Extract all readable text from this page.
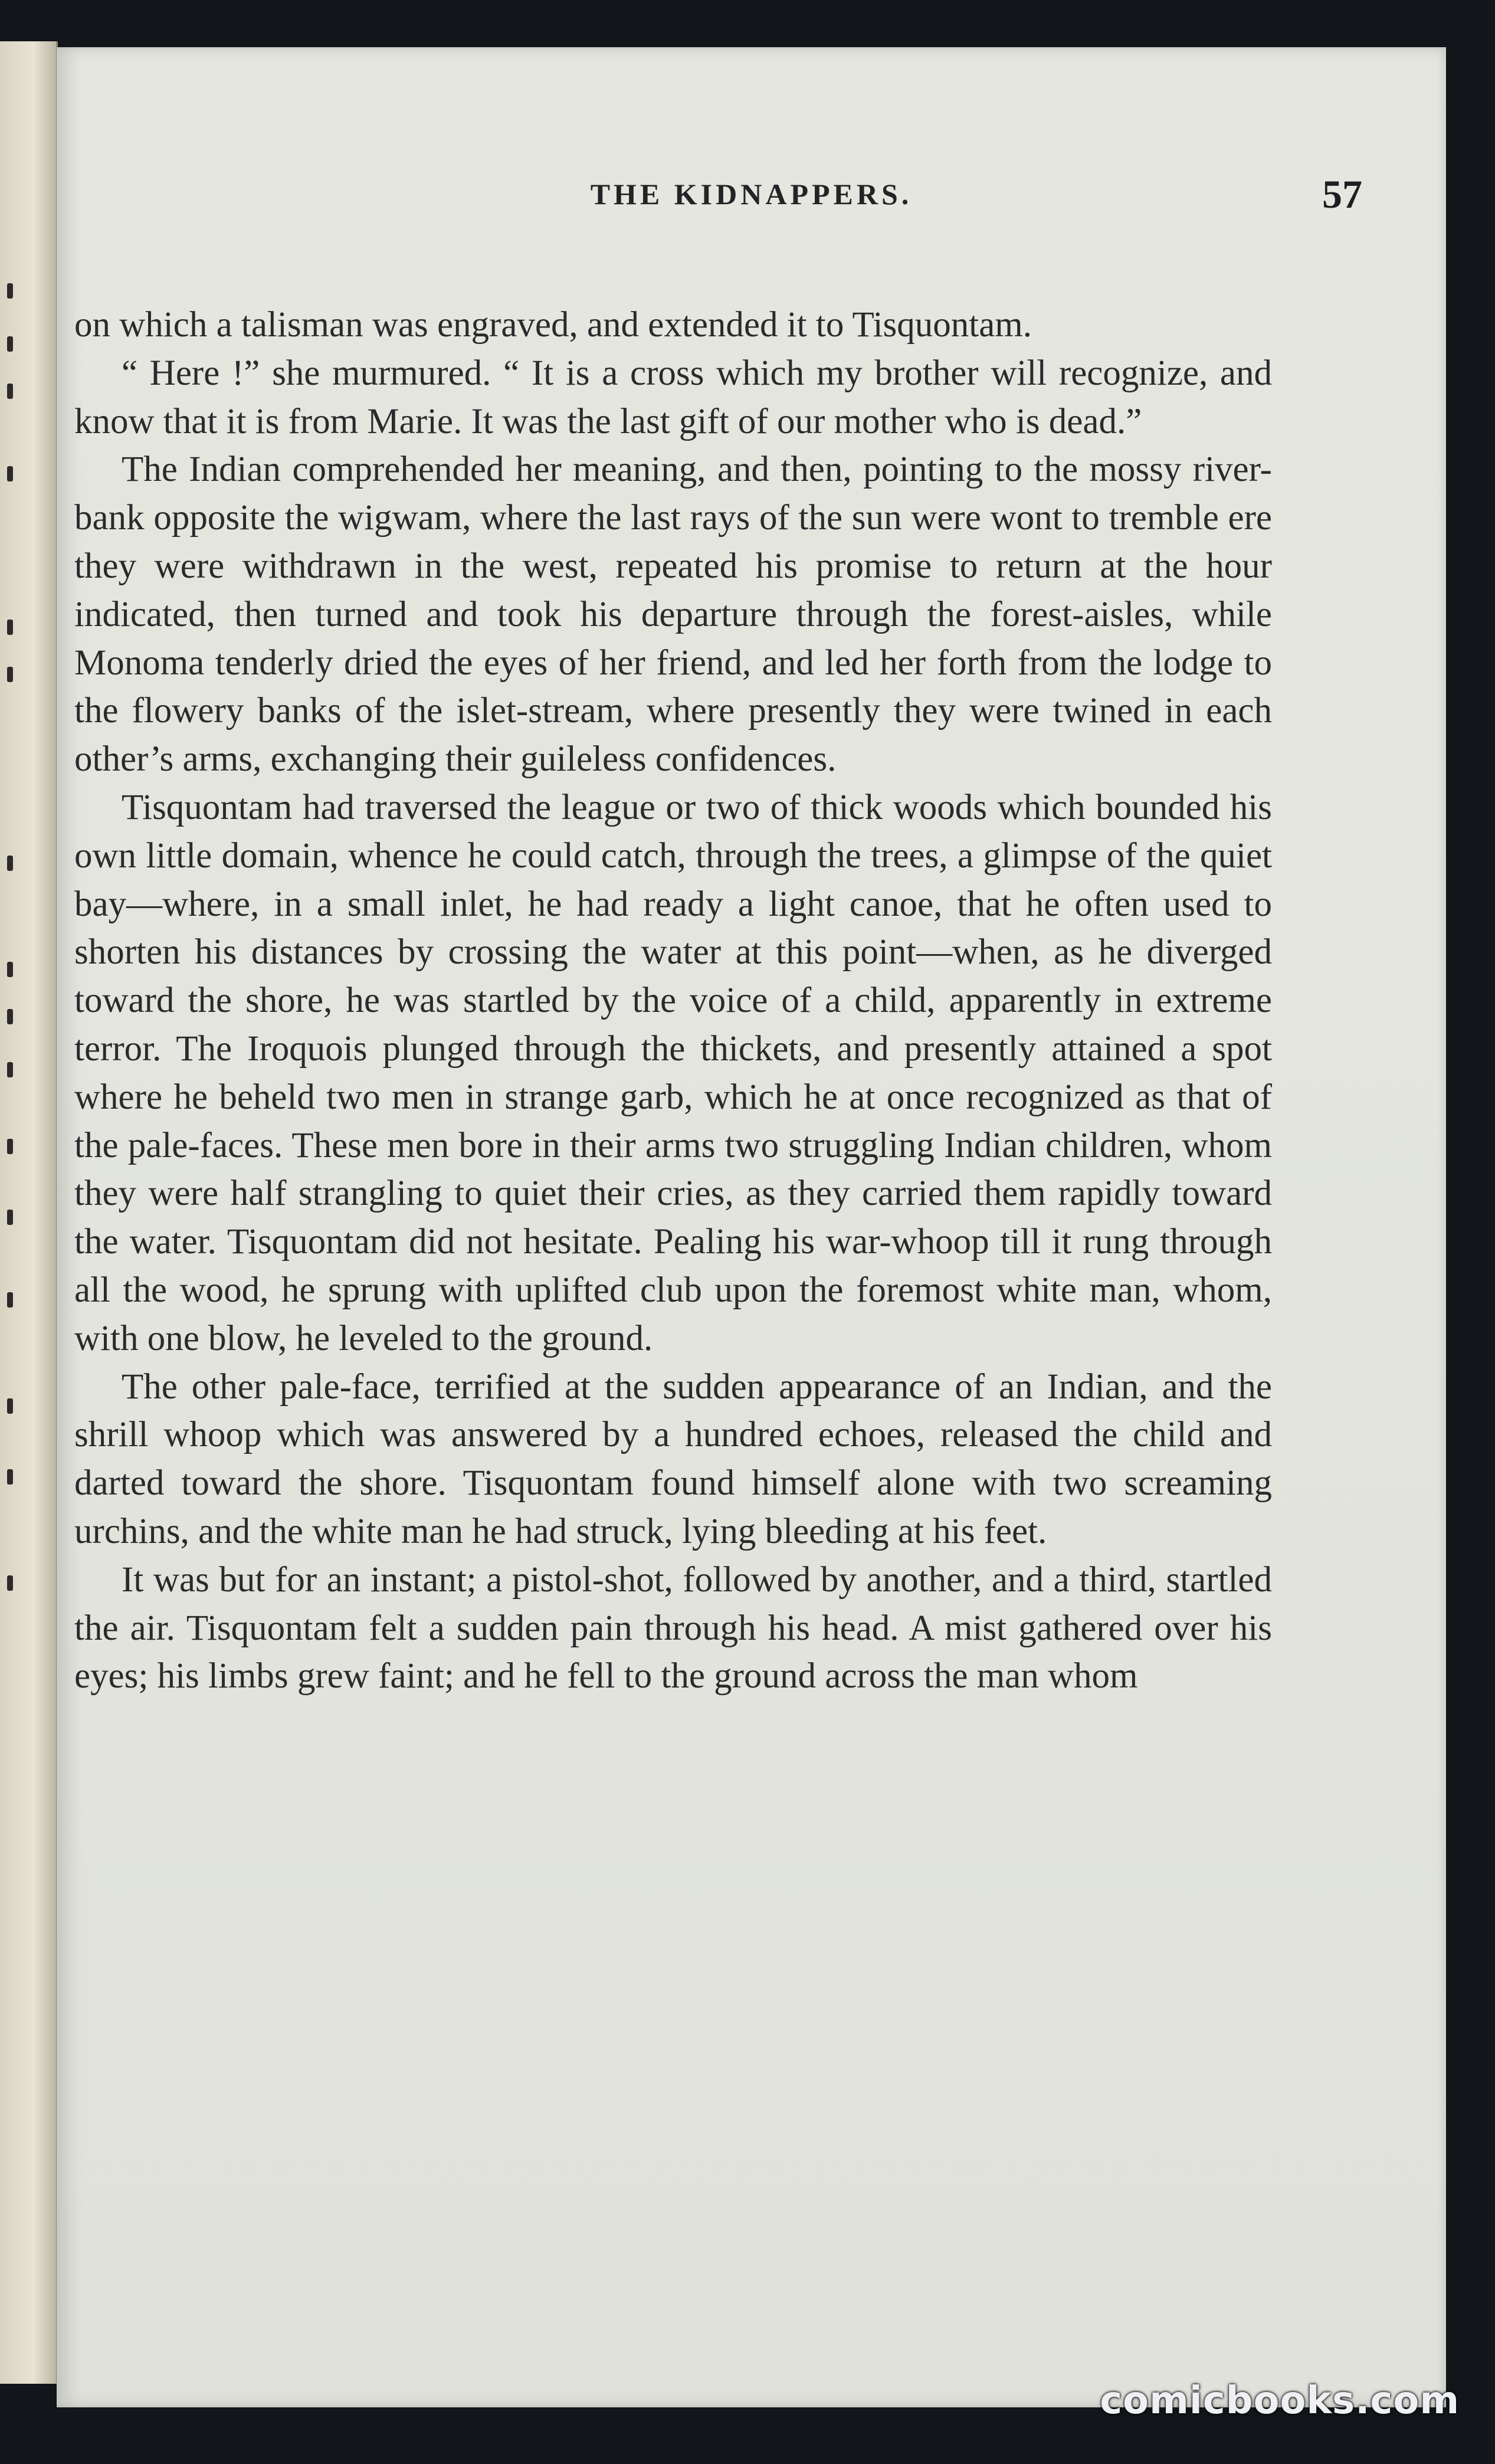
THE KIDNAPPERS.	57

on which a talisman was engraved, and extended it to Tisquontam.

“ Here !” she murmured. “ It is a cross which my brother will recognize, and know that it is from Marie. It was the last gift of our mother who is dead.”

The Indian comprehended her meaning, and then, pointing to the mossy river-bank opposite the wigwam, where the last rays of the sun were wont to tremble ere they were withdrawn in the west, repeated his promise to return at the hour indicated, then turned and took his departure through the forest-aisles, while Monoma tenderly dried the eyes of her friend, and led her forth from the lodge to the flowery banks of the islet-stream, where presently they were twined in each other’s arms, exchanging their guileless confidences.

Tisquontam had traversed the league or two of thick woods which bounded his own little domain, whence he could catch, through the trees, a glimpse of the quiet bay—where, in a small inlet, he had ready a light canoe, that he often used to shorten his distances by crossing the water at this point—when, as he diverged toward the shore, he was startled by the voice of a child, apparently in extreme terror. The Iroquois plunged through the thickets, and presently attained a spot where he beheld two men in strange garb, which he at once recognized as that of the pale-faces. These men bore in their arms two struggling Indian children, whom they were half strangling to quiet their cries, as they carried them rapidly toward the water. Tisquontam did not hesitate. Pealing his war-whoop till it rung through all the wood, he sprung with uplifted club upon the foremost white man, whom, with one blow, he leveled to the ground.

The other pale-face, terrified at the sudden appearance of an Indian, and the shrill whoop which was answered by a hundred echoes, released the child and darted toward the shore. Tisquontam found himself alone with two screaming urchins, and the white man he had struck, lying bleeding at his feet.

It was but for an instant; a pistol-shot, followed by another, and a third, startled the air. Tisquontam felt a sudden pain through his head. A mist gathered over his eyes; his limbs grew faint; and he fell to the ground across the man whom

comicbooks.com
